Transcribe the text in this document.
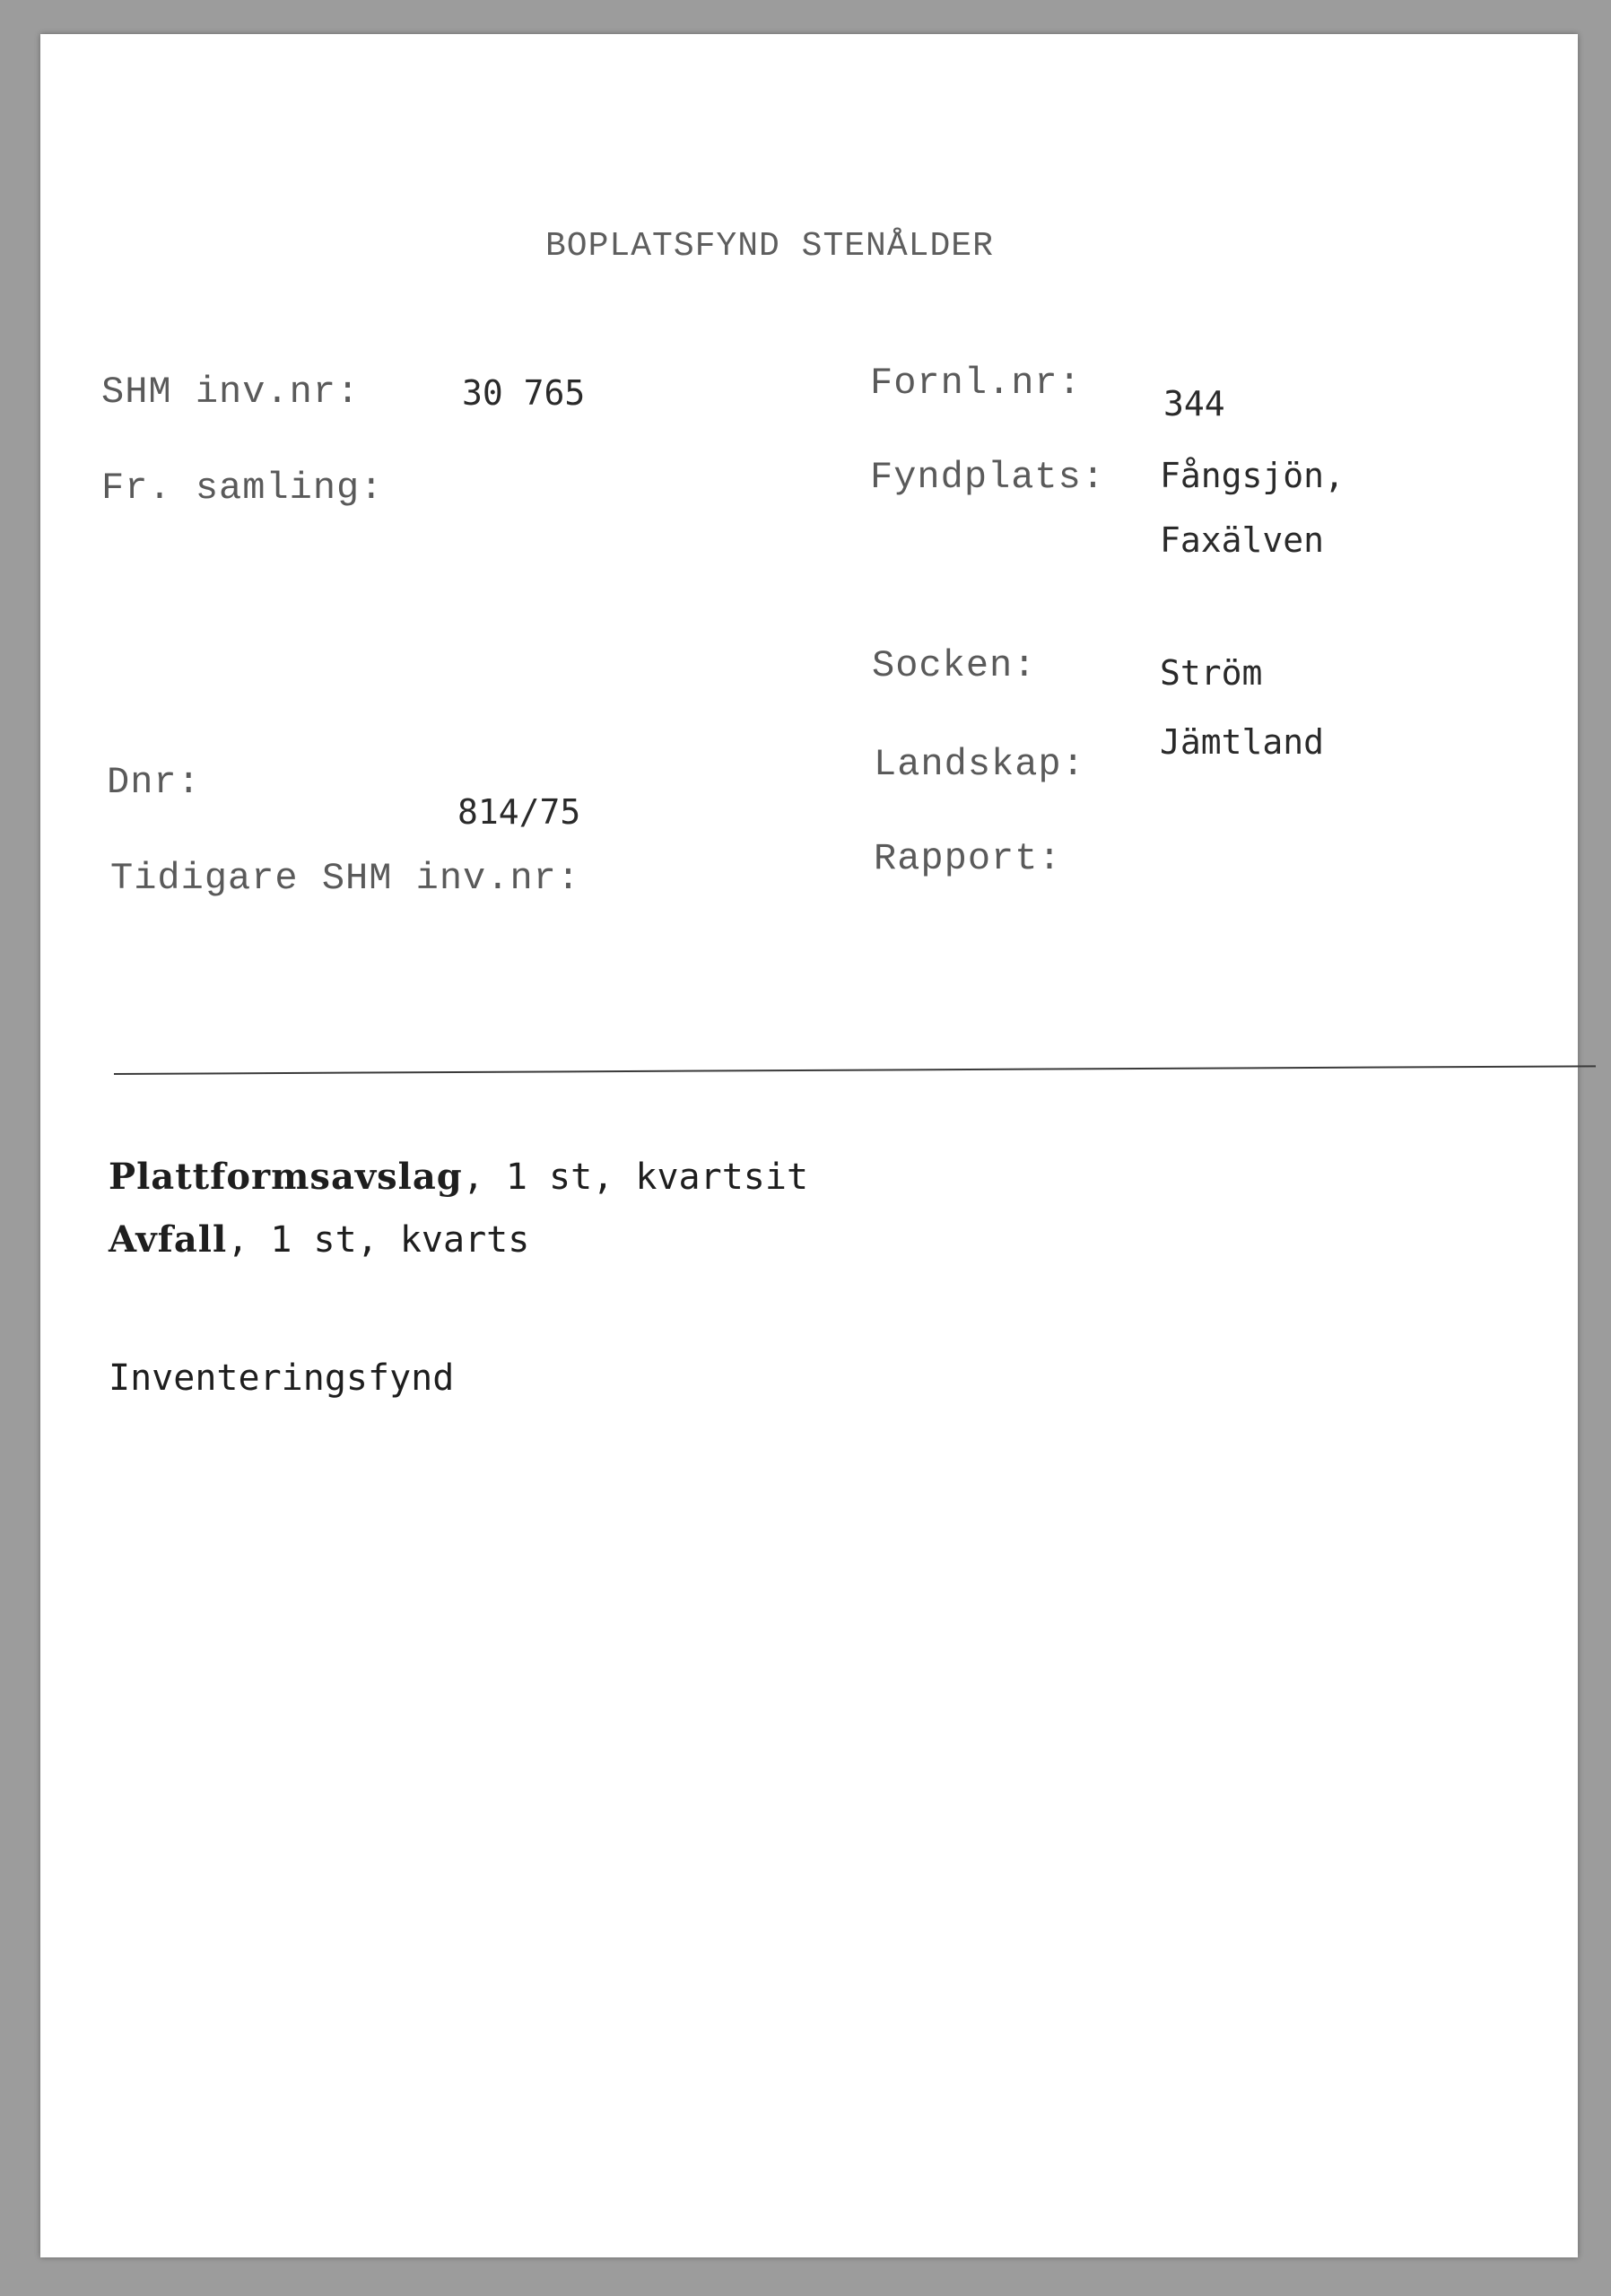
BOPLATSFYND STENÅLDER
SHM inv.nr:	30 765
Fr. samling:
Dnr:
814/75
Tidigare SHM inv.nr:
Fornl.nr: 344
Fyndplats: Fångsjön,
Faxälven
Socken:	Ström
Landskap:
Jämtland
Rapport:
Plattformsavslag, 1 st, kvartsit
Avfall, 1 st, kvarts
Inventeringsfynd
